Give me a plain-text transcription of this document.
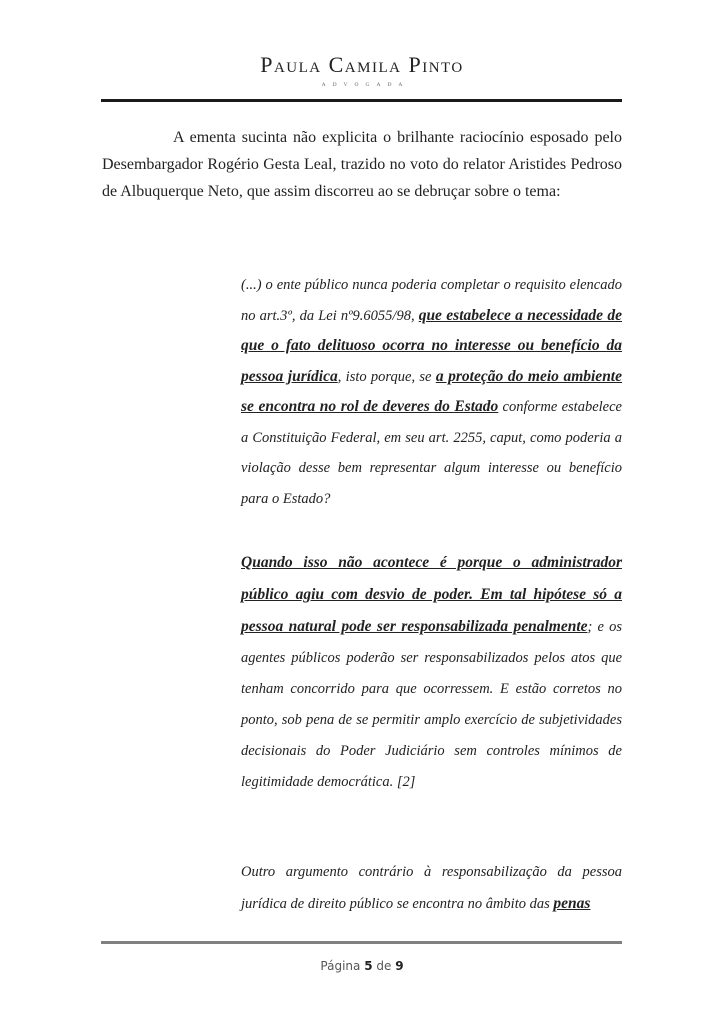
Paula Camila Pinto
ADVOGADA

A ementa sucinta não explicita o brilhante raciocínio esposado pelo Desembargador Rogério Gesta Leal, trazido no voto do relator Aristides Pedroso de Albuquerque Neto, que assim discorreu ao se debruçar sobre o tema:

(...) o ente público nunca poderia completar o requisito elencado no art.3º, da Lei nº9.6055/98, que estabelece a necessidade de que o fato delituoso ocorra no interesse ou benefício da pessoa jurídica, isto porque, se a proteção do meio ambiente se encontra no rol de deveres do Estado conforme estabelece a Constituição Federal, em seu art. 2255, caput, como poderia a violação desse bem representar algum interesse ou benefício para o Estado?

Quando isso não acontece é porque o administrador público agiu com desvio de poder. Em tal hipótese só a pessoa natural pode ser responsabilizada penalmente; e os agentes públicos poderão ser responsabilizados pelos atos que tenham concorrido para que ocorressem. E estão corretos no ponto, sob pena de se permitir amplo exercício de subjetividades decisionais do Poder Judiciário sem controles mínimos de legitimidade democrática. [2]

Outro argumento contrário à responsabilização da pessoa jurídica de direito público se encontra no âmbito das penas

Página 5 de 9
